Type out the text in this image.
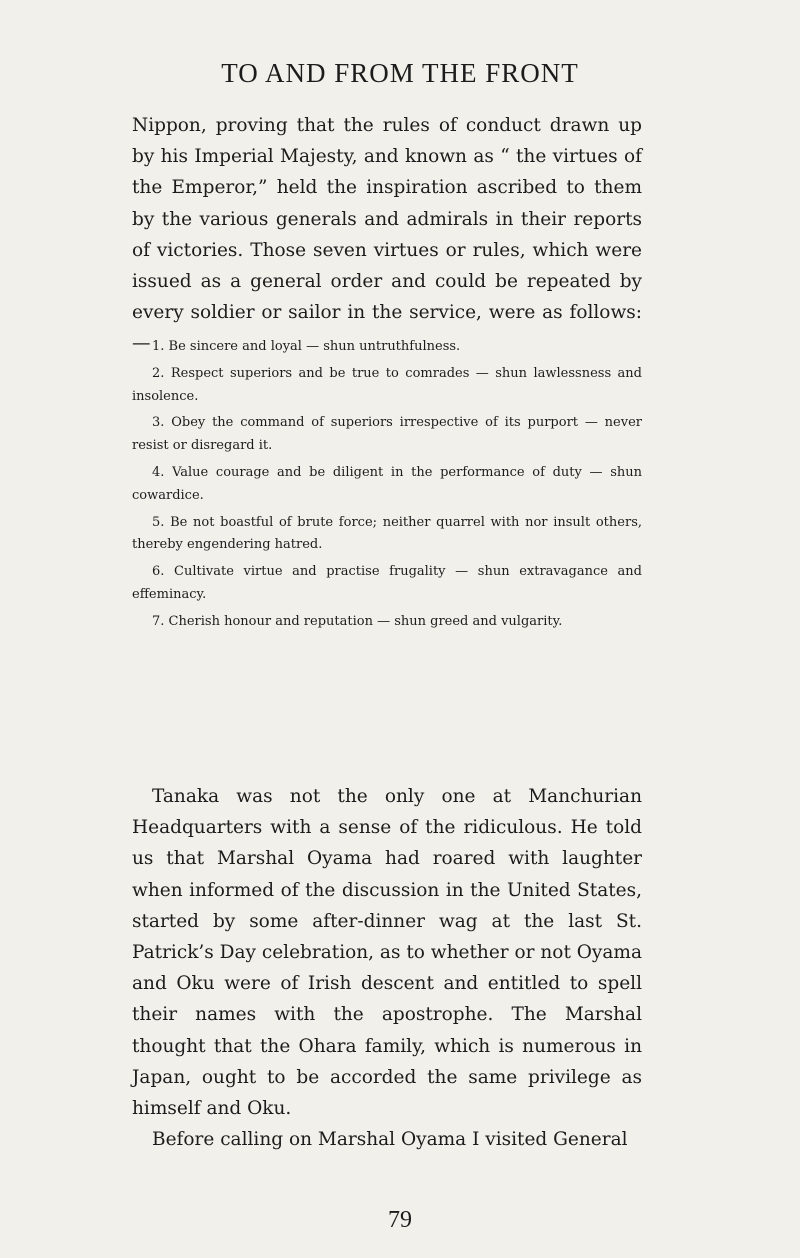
TO AND FROM THE FRONT

Nippon, proving that the rules of conduct drawn up by his Imperial Majesty, and known as “ the virtues of the Emperor,” held the inspiration ascribed to them by the various generals and admirals in their reports of victories. Those seven virtues or rules, which were issued as a general order and could be repeated by every soldier or sailor in the service, were as follows: — 1. Be sincere and loyal — shun untruthfulness.
2. Respect superiors and be true to comrades — shun lawlessness and insolence.
3. Obey the command of superiors irrespective of its purport — never resist or disregard it.
4. Value courage and be diligent in the performance of duty — shun cowardice.
5. Be not boastful of brute force; neither quarrel with nor insult others, thereby engendering hatred.
6. Cultivate virtue and practise frugality — shun extravagance and effeminacy.
7. Cherish honour and reputation — shun greed and vulgarity.

Tanaka was not the only one at Manchurian Headquarters with a sense of the ridiculous. He told us that Marshal Oyama had roared with laughter when informed of the discussion in the United States, started by some after-dinner wag at the last St. Patrick’s Day celebration, as to whether or not Oyama and Oku were of Irish descent and entitled to spell their names with the apostrophe. The Marshal thought that the Ohara family, which is numerous in Japan, ought to be accorded the same privilege as himself and Oku.

Before calling on Marshal Oyama I visited General

79
